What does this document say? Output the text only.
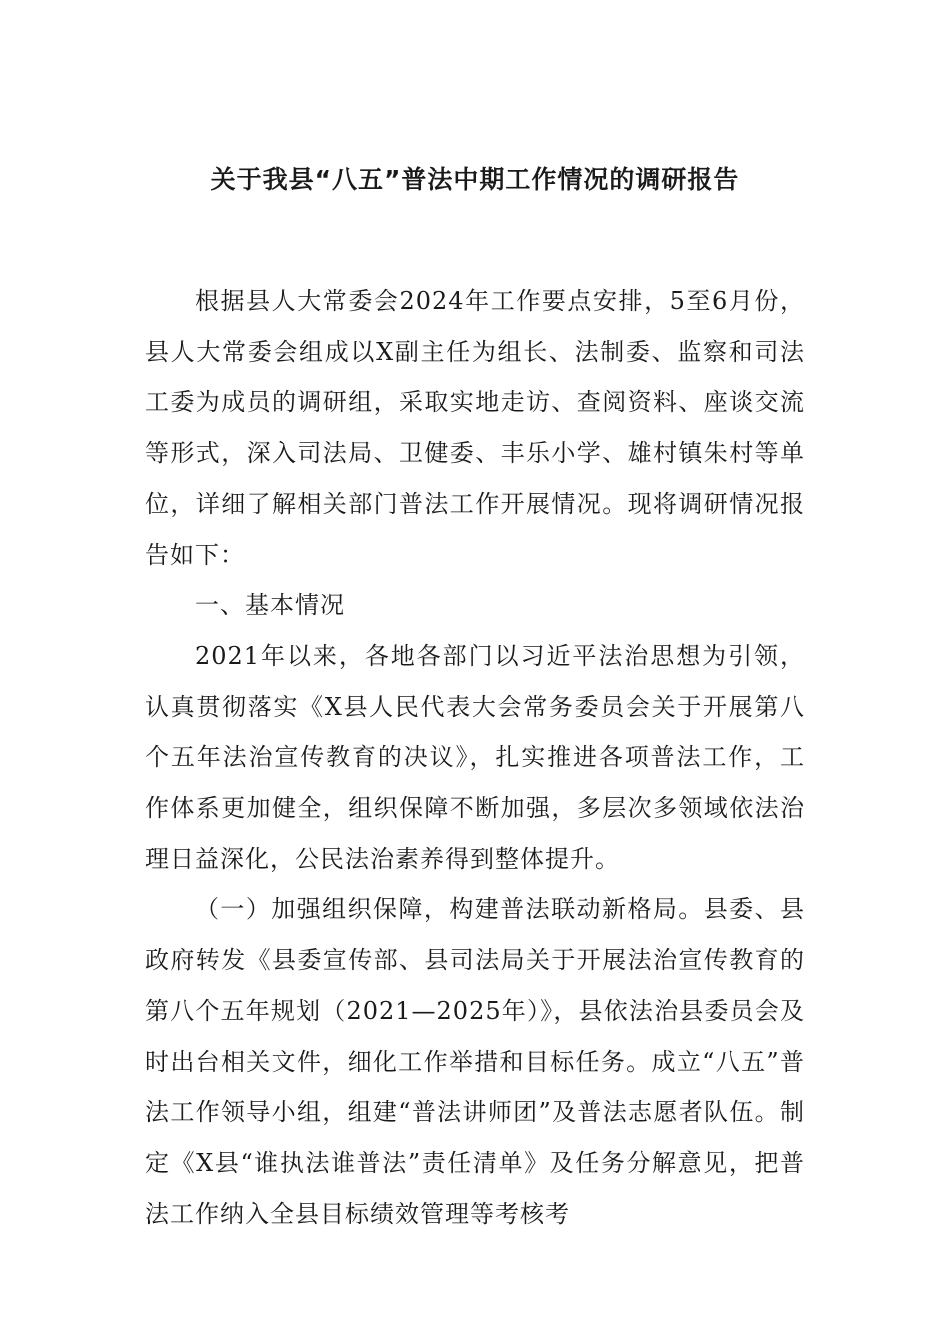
关于我县“八五”普法中期工作情况的调研报告

根据县人大常委会2024年工作要点安排，5至6月份，县人大常委会组成以X副主任为组长、法制委、监察和司法工委为成员的调研组，采取实地走访、查阅资料、座谈交流等形式，深入司法局、卫健委、丰乐小学、雄村镇朱村等单位，详细了解相关部门普法工作开展情况。现将调研情况报告如下：

一、基本情况

2021年以来，各地各部门以习近平法治思想为引领，认真贯彻落实《X县人民代表大会常务委员会关于开展第八个五年法治宣传教育的决议》，扎实推进各项普法工作，工作体系更加健全，组织保障不断加强，多层次多领域依法治理日益深化，公民法治素养得到整体提升。

（一）加强组织保障，构建普法联动新格局。县委、县政府转发《县委宣传部、县司法局关于开展法治宣传教育的第八个五年规划（2021—2025年）》，县依法治县委员会及时出台相关文件，细化工作举措和目标任务。成立“八五”普法工作领导小组，组建“普法讲师团”及普法志愿者队伍。制定《X县“谁执法谁普法”责任清单》及任务分解意见，把普法工作纳入全县目标绩效管理等考核考
